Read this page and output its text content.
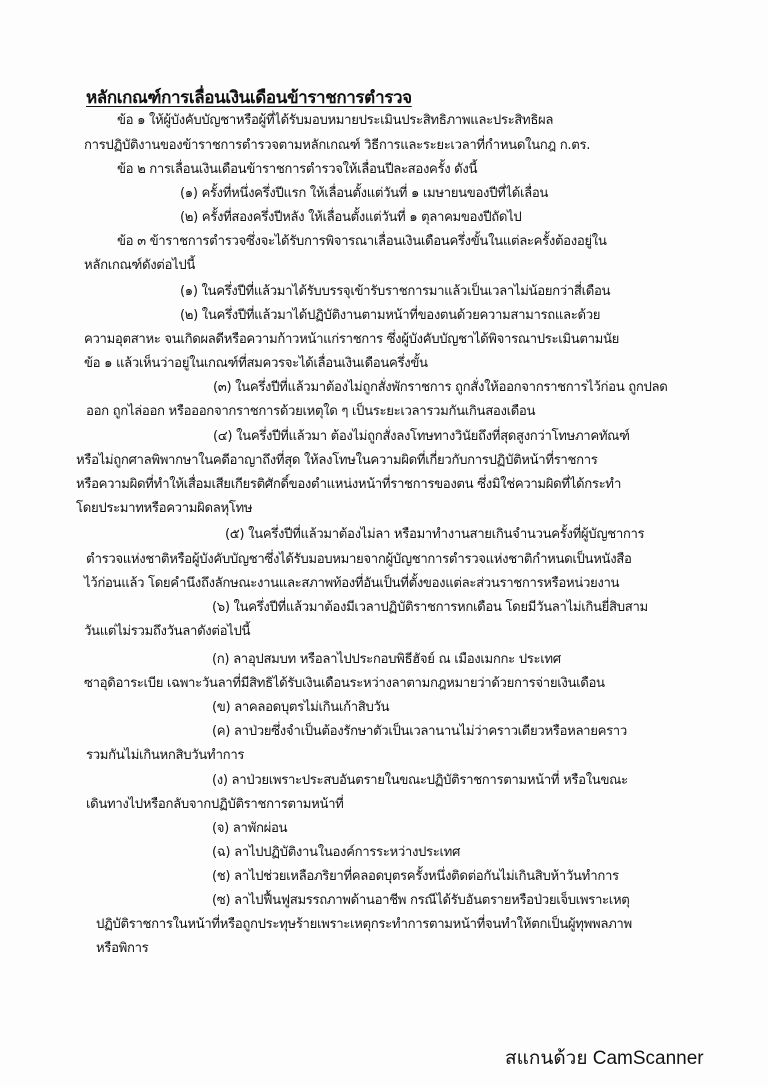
หลักเกณฑ์การเลื่อนเงินเดือนข้าราชการตำรวจ
ข้อ ๑ ให้ผู้บังคับบัญชาหรือผู้ที่ได้รับมอบหมายประเมินประสิทธิภาพและประสิทธิผล
การปฏิบัติงานของข้าราชการตำรวจตามหลักเกณฑ์ วิธีการและระยะเวลาที่กำหนดในกฎ ก.ตร.
ข้อ ๒ การเลื่อนเงินเดือนข้าราชการตำรวจให้เลื่อนปีละสองครั้ง ดังนี้
(๑) ครั้งที่หนึ่งครึ่งปีแรก ให้เลื่อนตั้งแต่วันที่ ๑ เมษายนของปีที่ได้เลื่อน
(๒) ครั้งที่สองครึ่งปีหลัง ให้เลื่อนตั้งแต่วันที่ ๑ ตุลาคมของปีถัดไป
ข้อ ๓ ข้าราชการตำรวจซึ่งจะได้รับการพิจารณาเลื่อนเงินเดือนครึ่งขั้นในแต่ละครั้งต้องอยู่ใน
หลักเกณฑ์ดังต่อไปนี้
(๑) ในครึ่งปีที่แล้วมาได้รับบรรจุเข้ารับราชการมาแล้วเป็นเวลาไม่น้อยกว่าสี่เดือน
(๒) ในครึ่งปีที่แล้วมาได้ปฏิบัติงานตามหน้าที่ของตนด้วยความสามารถและด้วย
ความอุตสาหะ จนเกิดผลดีหรือความก้าวหน้าแก่ราชการ ซึ่งผู้บังคับบัญชาได้พิจารณาประเมินตามนัย
ข้อ ๑ แล้วเห็นว่าอยู่ในเกณฑ์ที่สมควรจะได้เลื่อนเงินเดือนครึ่งขั้น
(๓) ในครึ่งปีที่แล้วมาต้องไม่ถูกสั่งพักราชการ ถูกสั่งให้ออกจากราชการไว้ก่อน ถูกปลด
ออก ถูกไล่ออก หรือออกจากราชการด้วยเหตุใด ๆ เป็นระยะเวลารวมกันเกินสองเดือน
(๔) ในครึ่งปีที่แล้วมา ต้องไม่ถูกสั่งลงโทษทางวินัยถึงที่สุดสูงกว่าโทษภาคทัณฑ์
หรือไม่ถูกศาลพิพากษาในคดีอาญาถึงที่สุด ให้ลงโทษในความผิดที่เกี่ยวกับการปฏิบัติหน้าที่ราชการ
หรือความผิดที่ทำให้เสื่อมเสียเกียรติศักดิ์ของตำแหน่งหน้าที่ราชการของตน ซึ่งมิใช่ความผิดที่ได้กระทำ
โดยประมาทหรือความผิดลหุโทษ
(๕) ในครึ่งปีที่แล้วมาต้องไม่ลา หรือมาทำงานสายเกินจำนวนครั้งที่ผู้บัญชาการ
ตำรวจแห่งชาติหรือผู้บังคับบัญชาซึ่งได้รับมอบหมายจากผู้บัญชาการตำรวจแห่งชาติกำหนดเป็นหนังสือ
ไว้ก่อนแล้ว โดยคำนึงถึงลักษณะงานและสภาพท้องที่อันเป็นที่ตั้งของแต่ละส่วนราชการหรือหน่วยงาน
(๖) ในครึ่งปีที่แล้วมาต้องมีเวลาปฏิบัติราชการหกเดือน โดยมีวันลาไม่เกินยี่สิบสาม
วันแต่ไม่รวมถึงวันลาดังต่อไปนี้
(ก) ลาอุปสมบท หรือลาไปประกอบพิธีฮัจย์ ณ เมืองเมกกะ ประเทศ
ซาอุดิอาระเบีย เฉพาะวันลาที่มีสิทธิได้รับเงินเดือนระหว่างลาตามกฎหมายว่าด้วยการจ่ายเงินเดือน
(ข) ลาคลอดบุตรไม่เกินเก้าสิบวัน
(ค) ลาป่วยซึ่งจำเป็นต้องรักษาตัวเป็นเวลานานไม่ว่าคราวเดียวหรือหลายคราว
รวมกันไม่เกินหกสิบวันทำการ
(ง) ลาป่วยเพราะประสบอันตรายในขณะปฏิบัติราชการตามหน้าที่ หรือในขณะ
เดินทางไปหรือกลับจากปฏิบัติราชการตามหน้าที่
(จ) ลาพักผ่อน
(ฉ) ลาไปปฏิบัติงานในองค์การระหว่างประเทศ
(ช) ลาไปช่วยเหลือภริยาที่คลอดบุตรครั้งหนึ่งติดต่อกันไม่เกินสิบห้าวันทำการ
(ซ) ลาไปฟื้นฟูสมรรถภาพด้านอาชีพ กรณีได้รับอันตรายหรือป่วยเจ็บเพราะเหตุ
ปฏิบัติราชการในหน้าที่หรือถูกประทุษร้ายเพราะเหตุกระทำการตามหน้าที่จนทำให้ตกเป็นผู้ทุพพลภาพ
หรือพิการ
สแกนด้วย CamScanner
